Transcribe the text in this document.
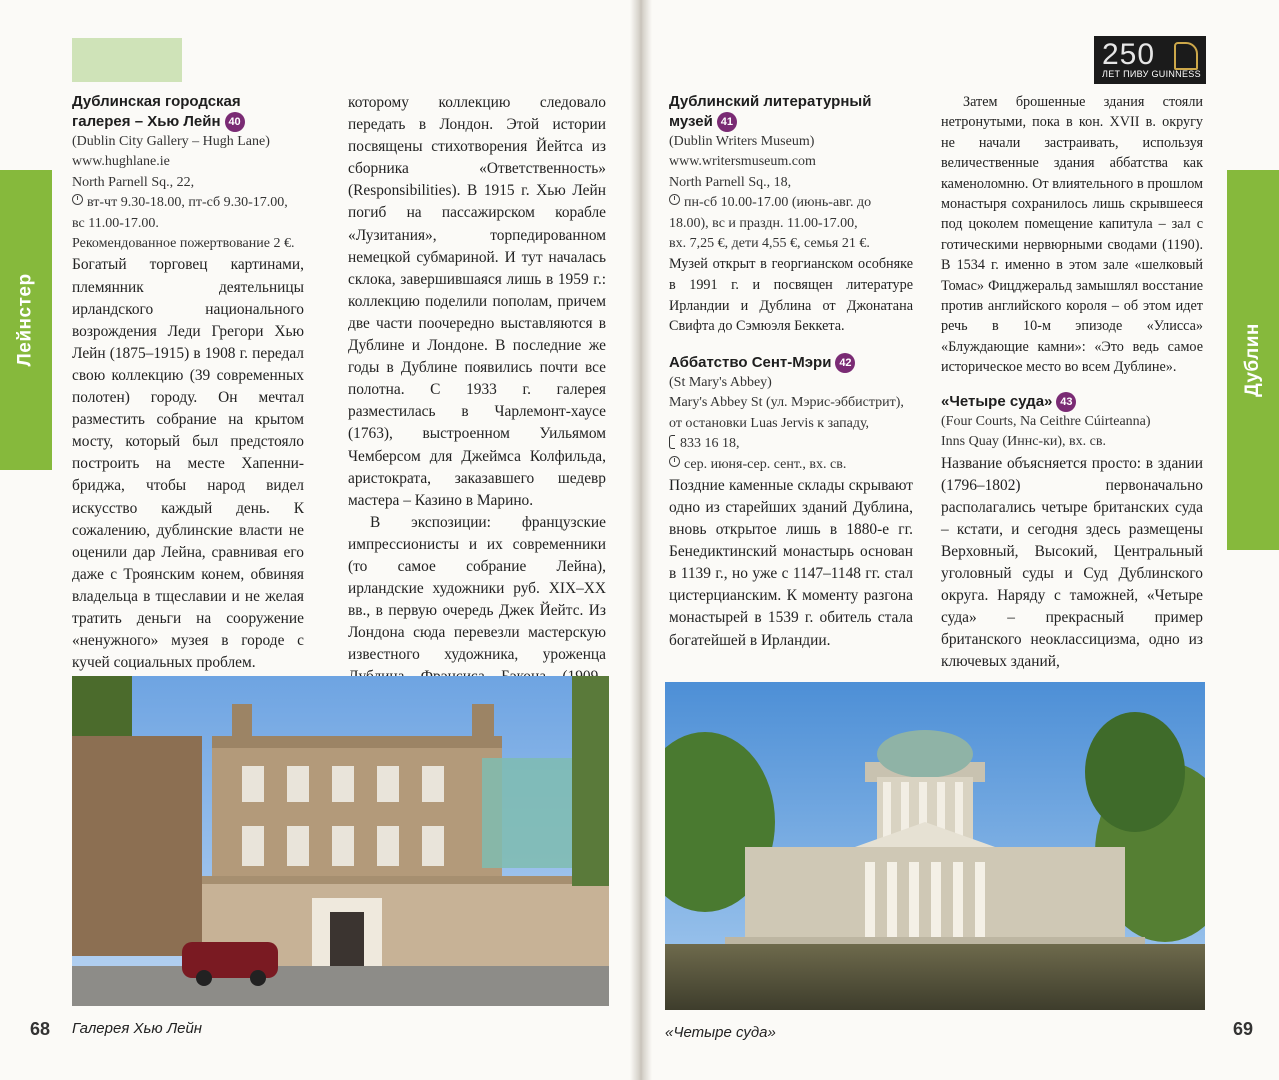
Лейнстер
Дублинская городская
галерея – Хью Лейн 40
(Dublin City Gallery – Hugh Lane)
www.hughlane.ie
North Parnell Sq., 22,
вт-чт 9.30-18.00, пт-сб 9.30-17.00, вс 11.00-17.00.
Рекомендованное пожертвование 2 €.

Богатый торговец картинами, племянник деятельницы ирландского национального возрождения Леди Грегори Хью Лейн (1875–1915) в 1908 г. передал свою коллекцию (39 современных полотен) городу. Он мечтал разместить собрание на крытом мосту, который был предстояло построить на месте Хапенни-бриджа, чтобы народ видел искусство каждый день. К сожалению, дублинские власти не оценили дар Лейна, сравнивая его даже с Троянским конем, обвиняя владельца в тщеславии и не желая тратить деньги на сооружение «ненужного» музея в городе с кучей социальных проблем.

которому коллекцию следовало передать в Лондон. Этой истории посвящены стихотворения Йейтса из сборника «Ответственность» (Responsibilities). В 1915 г. Хью Лейн погиб на пассажирском корабле «Лузитания», торпедированном немецкой субмариной. И тут началась склока, завершившаяся лишь в 1959 г.: коллекцию поделили пополам, причем две части поочередно выставляются в Дублине и Лондоне. В последние же годы в Дублине появились почти все полотна. С 1933 г. галерея разместилась в Чарлемонт-хаусе (1763), выстроенном Уильямом Чемберсом для Джеймса Колфильда, аристократа, заказавшего шедевр мастера – Казино в Марино.

В экспозиции: французские импрессионисты и их современники (то самое собрание Лейна), ирландские художники руб. XIX–XX вв., в первую очередь Джек Йейтс. Из Лондона сюда перевезли мастерскую известного художника, уроженца

68 Галерея Хью Лейн
250
ЛЕТ ПИВУ GUINNESS
Дублин
Дублинский литературный
музей 41
(Dublin Writers Museum)
www.writersmuseum.com
North Parnell Sq., 18,
пн-сб 10.00-17.00 (июнь-авг. до 18.00), вс и праздн. 11.00-17.00,
вх. 7,25 €, дети 4,55 €, семья 21 €.

Музей открыт в георгианском особняке в 1991 г. и посвящен литературе Ирландии и Дублина от Джонатана Свифта до Сэмюэля Беккета.

Аббатство Сент-Мэри 42
(St Mary's Abbey)
Mary's Abbey St (ул. Мэрис-эббистрит), от остановки Luas Jervis к западу,
833 16 18,
сер. июня-сер. сент., вх. св.

Поздние каменные склады скрывают одно из старейших зданий Дублина, вновь открытое лишь в 1880-е гг. Бенедиктинский монастырь основан в 1139 г., но уже с 1147–1148 гг. стал цистерцианским. К моменту разгона монастырей в 1539 г. обитель стала богатейшей в Ирландии.

Затем брошенные здания стояли нетронутыми, пока в кон. XVII в. округу не начали застраивать, используя величественные здания аббатства как каменоломню. От влиятельного в прошлом монастыря сохранилось лишь скрывшееся под цоколем помещение капитула – зал с готическими нервюрными сводами (1190). В 1534 г. именно в этом зале «шелковый Томас» Фицджеральд замышлял восстание против английского короля – об этом идет речь в 10-м эпизоде «Улисса» «Блуждающие камни»: «Это ведь самое историческое место во всем Дублине».

«Четыре суда» 43
(Four Courts, Na Ceithre Cúirteanna)
Inns Quay (Иннс-ки), вх. св.

Название объясняется просто: в здании (1796–1802) первоначально располагались четыре британских суда – кстати, и сегодня здесь размещены Верховный, Высокий, Центральный уголовный суды и Суд Дублинского округа. Наряду с таможней, «Четыре суда» – прекрасный пример британского неоклассицизма, одно из ключевых зданий,

«Четыре суда»	69
